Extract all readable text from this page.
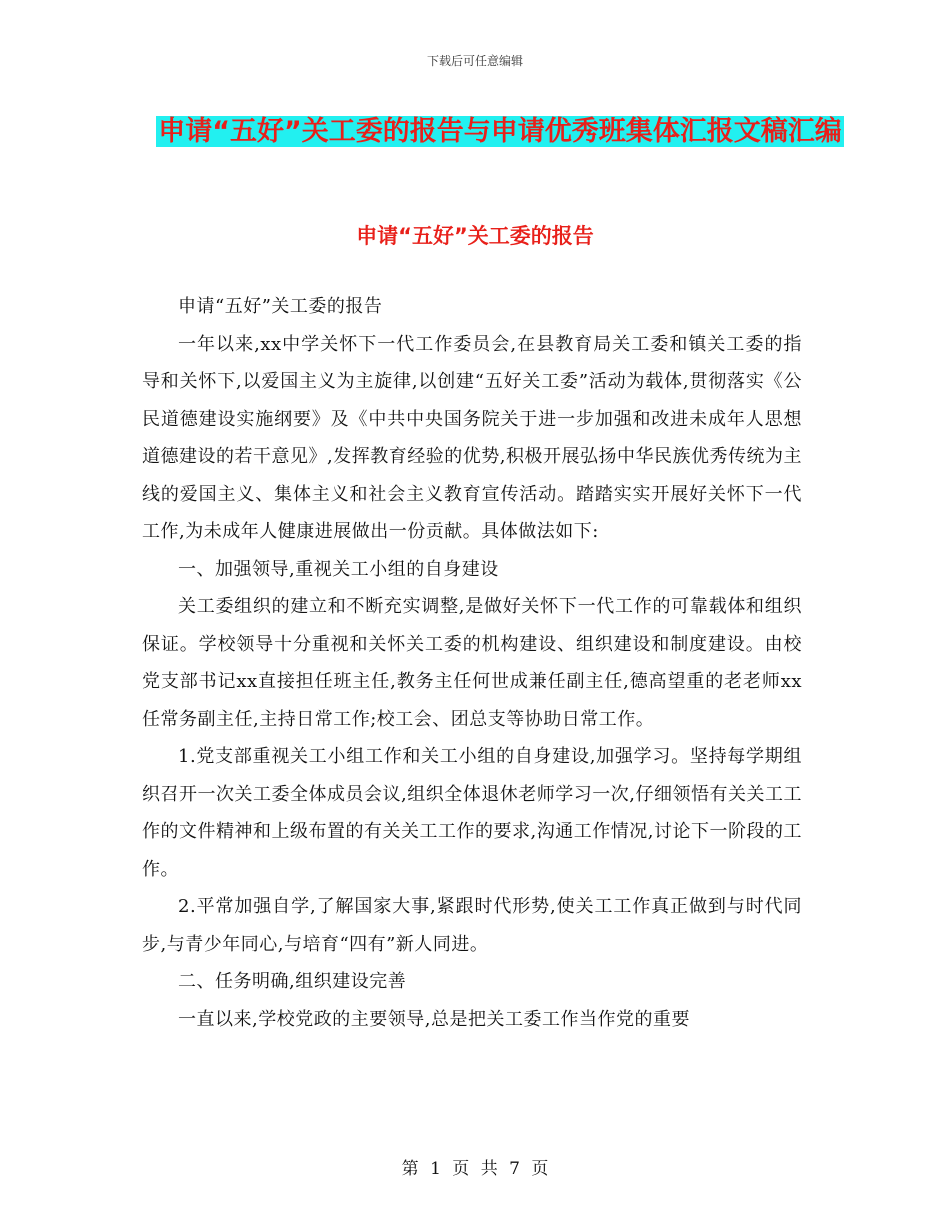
下载后可任意编辑
申请“五好”关工委的报告与申请优秀班集体汇报文稿汇编
申请“五好”关工委的报告

申请“五好”关工委的报告

一年以来,xx中学关怀下一代工作委员会,在县教育局关工委和镇关工委的指导和关怀下,以爱国主义为主旋律,以创建“五好关工委”活动为载体,贯彻落实《公民道德建设实施纲要》及《中共中央国务院关于进一步加强和改进未成年人思想道德建设的若干意见》,发挥教育经验的优势,积极开展弘扬中华民族优秀传统为主线的爱国主义、集体主义和社会主义教育宣传活动。踏踏实实开展好关怀下一代工作,为未成年人健康进展做出一份贡献。具体做法如下:

一、加强领导,重视关工小组的自身建设

关工委组织的建立和不断充实调整,是做好关怀下一代工作的可靠载体和组织保证。学校领导十分重视和关怀关工委的机构建设、组织建设和制度建设。由校党支部书记xx直接担任班主任,教务主任何世成兼任副主任,德高望重的老老师xx任常务副主任,主持日常工作;校工会、团总支等协助日常工作。

1.党支部重视关工小组工作和关工小组的自身建设,加强学习。坚持每学期组织召开一次关工委全体成员会议,组织全体退休老师学习一次,仔细领悟有关关工工作的文件精神和上级布置的有关关工工作的要求,沟通工作情况,讨论下一阶段的工作。

2.平常加强自学,了解国家大事,紧跟时代形势,使关工工作真正做到与时代同步,与青少年同心,与培育“四有”新人同进。

二、任务明确,组织建设完善

一直以来,学校党政的主要领导,总是把关工委工作当作党的重要

第 1 页 共 7 页
